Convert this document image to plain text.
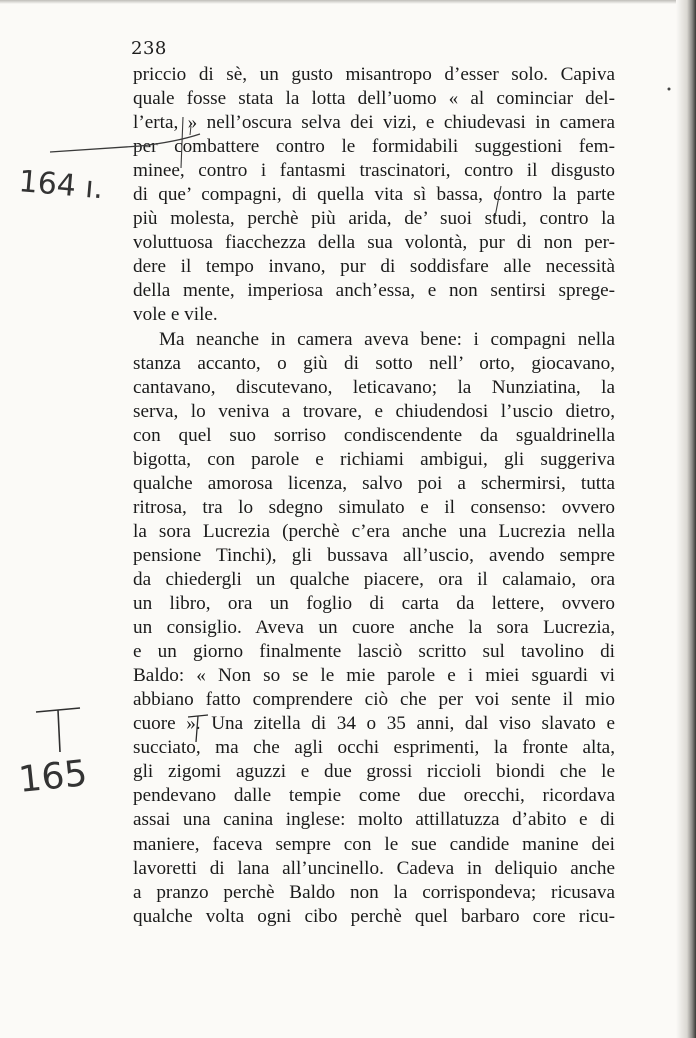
238
priccio di sè, un gusto misantropo d’esser solo. Capiva
quale fosse stata la lotta dell’uomo « al cominciar del-
l’erta, » nell’oscura selva dei vizi, e chiudevasi in camera
per combattere contro le formidabili suggestioni fem-
minee, contro i fantasmi trascinatori, contro il disgusto
di que’ compagni, di quella vita sì bassa, contro la parte
più molesta, perchè più arida, de’ suoi studi, contro la
voluttuosa fiacchezza della sua volontà, pur di non per-
dere il tempo invano, pur di soddisfare alle necessità
della mente, imperiosa anch’essa, e non sentirsi sprege-
vole e vile.
Ma neanche in camera aveva bene: i compagni nella
stanza accanto, o giù di sotto nell’ orto, giocavano,
cantavano, discutevano, leticavano; la Nunziatina, la
serva, lo veniva a trovare, e chiudendosi l’uscio dietro,
con quel suo sorriso condiscendente da sgualdrinella
bigotta, con parole e richiami ambigui, gli suggeriva
qualche amorosa licenza, salvo poi a schermirsi, tutta
ritrosa, tra lo sdegno simulato e il consenso: ovvero
la sora Lucrezia (perchè c’era anche una Lucrezia nella
pensione Tinchi), gli bussava all’uscio, avendo sempre
da chiedergli un qualche piacere, ora il calamaio, ora
un libro, ora un foglio di carta da lettere, ovvero
un consiglio. Aveva un cuore anche la sora Lucrezia,
e un giorno finalmente lasciò scritto sul tavolino di
Baldo: « Non so se le mie parole e i miei sguardi vi
abbiano fatto comprendere ciò che per voi sente il mio
cuore ». Una zitella di 34 o 35 anni, dal viso slavato e
succiato, ma che agli occhi esprimenti, la fronte alta,
gli zigomi aguzzi e due grossi riccioli biondi che le
pendevano dalle tempie come due orecchi, ricordava
assai una canina inglese: molto attillatuzza d’abito e di
maniere, faceva sempre con le sue candide manine dei
lavoretti di lana all’uncinello. Cadeva in deliquio anche
a pranzo perchè Baldo non la corrispondeva; ricusava
qualche volta ogni cibo perchè quel barbaro core ricu-
164 ı.
165
